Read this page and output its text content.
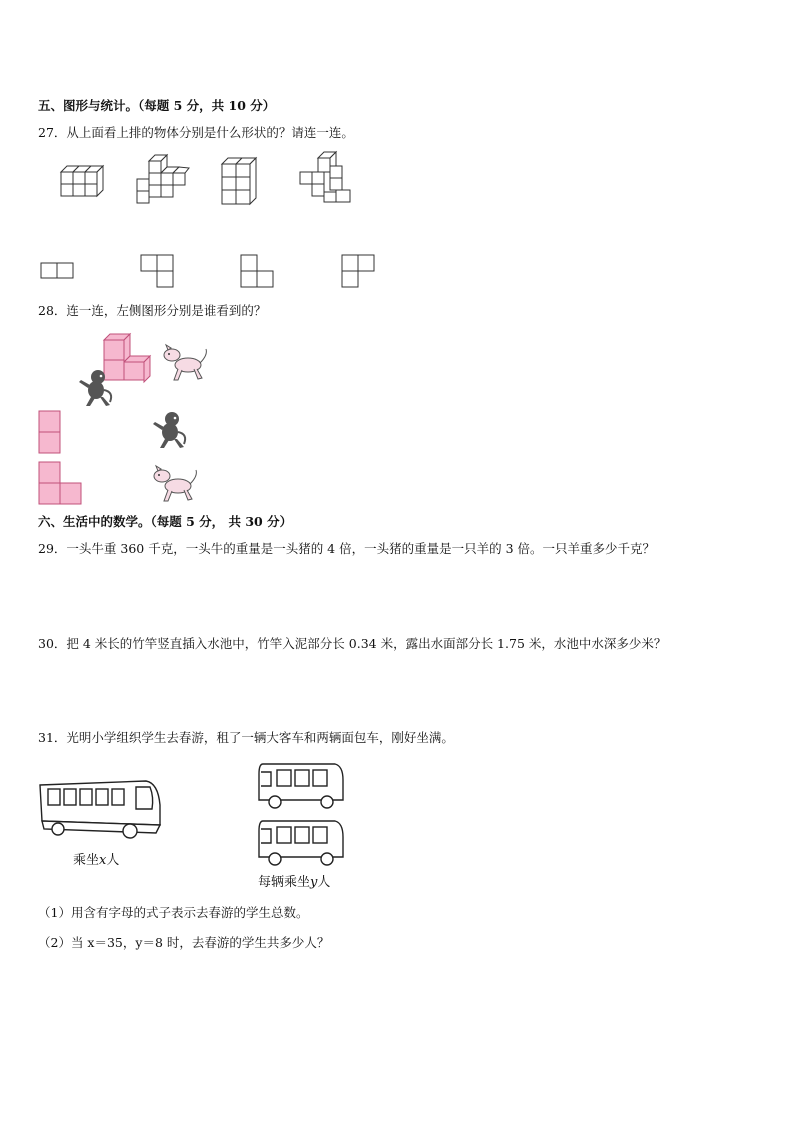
五、图形与统计。（每题 5 分，共 10 分）
27．从上面看上排的物体分别是什么形状的？请连一连。
28．连一连，左侧图形分别是谁看到的？
六、生活中的数学。（每题 5 分， 共 30 分）
29．一头牛重 360 千克，一头牛的重量是一头猪的 4 倍，一头猪的重量是一只羊的 3 倍。一只羊重多少千克？
30．把 4 米长的竹竿竖直插入水池中，竹竿入泥部分长 0.34 米，露出水面部分长 1.75 米，水池中水深多少米？
31．光明小学组织学生去春游，租了一辆大客车和两辆面包车，刚好坐满。
乘坐x人
每辆乘坐y人
（1）用含有字母的式子表示去春游的学生总数。
（2）当 x＝35，y＝8 时，去春游的学生共多少人？
